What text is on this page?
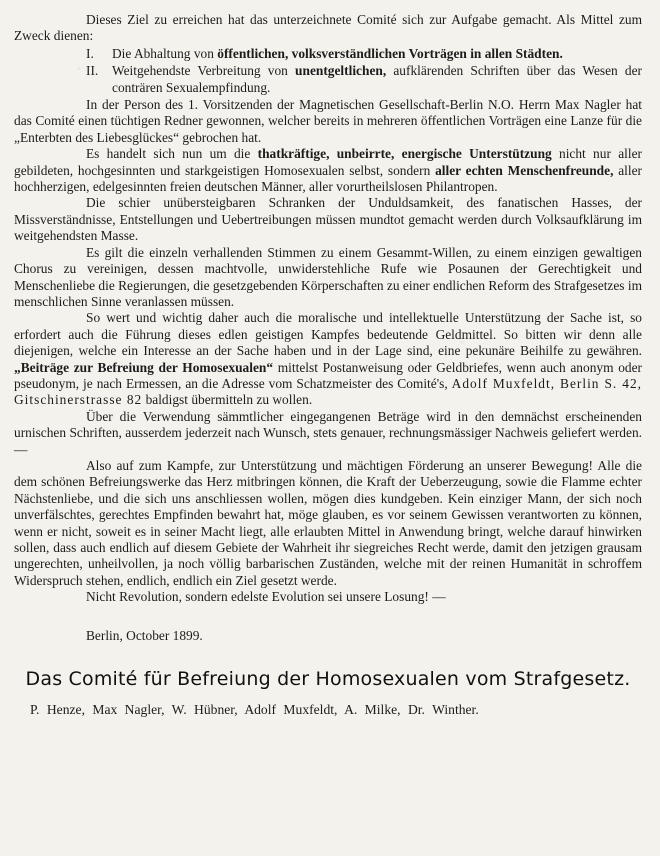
Dieses Ziel zu erreichen hat das unterzeichnete Comité sich zur Aufgabe gemacht. Als Mittel zum Zweck dienen:

I. Die Abhaltung von öffentlichen, volksverständlichen Vorträgen in allen Städten.
II. Weitgehendste Verbreitung von unentgeltlichen, aufklärenden Schriften über das Wesen der conträren Sexualempfindung.

In der Person des 1. Vorsitzenden der Magnetischen Gesellschaft-Berlin N.O. Herrn Max Nagler hat das Comité einen tüchtigen Redner gewonnen, welcher bereits in mehreren öffentlichen Vorträgen eine Lanze für die „Enterbten des Liebesglückes“ gebrochen hat.

Es handelt sich nun um die thatkräftige, unbeirrte, energische Unterstützung nicht nur aller gebildeten, hochgesinnten und starkgeistigen Homosexualen selbst, sondern aller echten Menschenfreunde, aller hochherzigen, edelgesinnten freien deutschen Männer, aller vorurtheilslosen Philantropen.

Die schier unübersteigbaren Schranken der Unduldsamkeit, des fanatischen Hasses, der Missverständnisse, Entstellungen und Uebertreibungen müssen mundtot gemacht werden durch Volksaufklärung im weitgehendsten Masse.

Es gilt die einzeln verhallenden Stimmen zu einem Gesammt-Willen, zu einem einzigen gewaltigen Chorus zu vereinigen, dessen machtvolle, unwiderstehliche Rufe wie Posaunen der Gerechtigkeit und Menschenliebe die Regierungen, die gesetzgebenden Körperschaften zu einer endlichen Reform des Strafgesetzes im menschlichen Sinne veranlassen müssen.

So wert und wichtig daher auch die moralische und intellektuelle Unterstützung der Sache ist, so erfordert auch die Führung dieses edlen geistigen Kampfes bedeutende Geldmittel. So bitten wir denn alle diejenigen, welche ein Interesse an der Sache haben und in der Lage sind, eine pekunäre Beihilfe zu gewähren. „Beiträge zur Befreiung der Homosexualen“ mittelst Postanweisung oder Geldbriefes, wenn auch anonym oder pseudonym, je nach Ermessen, an die Adresse vom Schatzmeister des Comité's, Adolf Muxfeldt, Berlin S. 42, Gitschinerstrasse 82 baldigst übermitteln zu wollen.

Über die Verwendung sämmtlicher eingegangenen Beträge wird in den demnächst erscheinenden urnischen Schriften, ausserdem jederzeit nach Wunsch, stets genauer, rechnungsmässiger Nachweis geliefert werden. —

Also auf zum Kampfe, zur Unterstützung und mächtigen Förderung an unserer Bewegung! Alle die dem schönen Befreiungswerke das Herz mitbringen können, die Kraft der Ueberzeugung, sowie die Flamme echter Nächstenliebe, und die sich uns anschliessen wollen, mögen dies kundgeben. Kein einziger Mann, der sich noch unverfälschtes, gerechtes Empfinden bewahrt hat, möge glauben, es vor seinem Gewissen verantworten zu können, wenn er nicht, soweit es in seiner Macht liegt, alle erlaubten Mittel in Anwendung bringt, welche darauf hinwirken sollen, dass auch endlich auf diesem Gebiete der Wahrheit ihr siegreiches Recht werde, damit den jetzigen grausam ungerechten, unheilvollen, ja noch völlig barbarischen Zuständen, welche mit der reinen Humanität in schroffem Widerspruch stehen, endlich, endlich ein Ziel gesetzt werde.

Nicht Revolution, sondern edelste Evolution sei unsere Losung! —

Berlin, October 1899.
Das Comité für Befreiung der Homosexualen vom Strafgesetz.
P. Henze, Max Nagler, W. Hübner, Adolf Muxfeldt, A. Milke, Dr. Winther.
